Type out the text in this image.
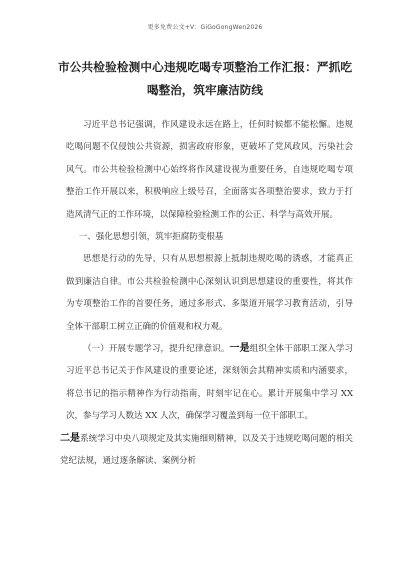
更多免费公文+V：GiGoGongWen2026
市公共检验检测中心违规吃喝专项整治工作汇报：严抓吃喝整治，筑牢廉洁防线

习近平总书记强调，作风建设永远在路上，任何时候都不能松懈。违规吃喝问题不仅侵蚀公共资源，损害政府形象，更破坏了党风政风，污染社会风气。市公共检验检测中心始终将作风建设视为重要任务，自违规吃喝专项整治工作开展以来，积极响应上级号召，全面落实各项整治要求，致力于打造风清气正的工作环境，以保障检验检测工作的公正、科学与高效开展。

一、强化思想引领，筑牢拒腐防变根基

思想是行动的先导，只有从思想根源上抵制违规吃喝的诱惑，才能真正做到廉洁自律。市公共检验检测中心深刻认识到思想建设的重要性，将其作为专项整治工作的首要任务，通过多形式、多渠道开展学习教育活动，引导全体干部职工树立正确的价值观和权力观。

（一）开展专题学习，提升纪律意识。一是组织全体干部职工深入学习习近平总书记关于作风建设的重要论述，深刻领会其精神实质和内涵要求，将总书记的指示精神作为行动指南，时刻牢记在心。累计开展集中学习 XX 次，参与学习人数达 XX 人次，确保学习覆盖到每一位干部职工。

二是系统学习中央八项规定及其实施细则精神，以及关于违规吃喝问题的相关党纪法规，通过逐条解读、案例分析
